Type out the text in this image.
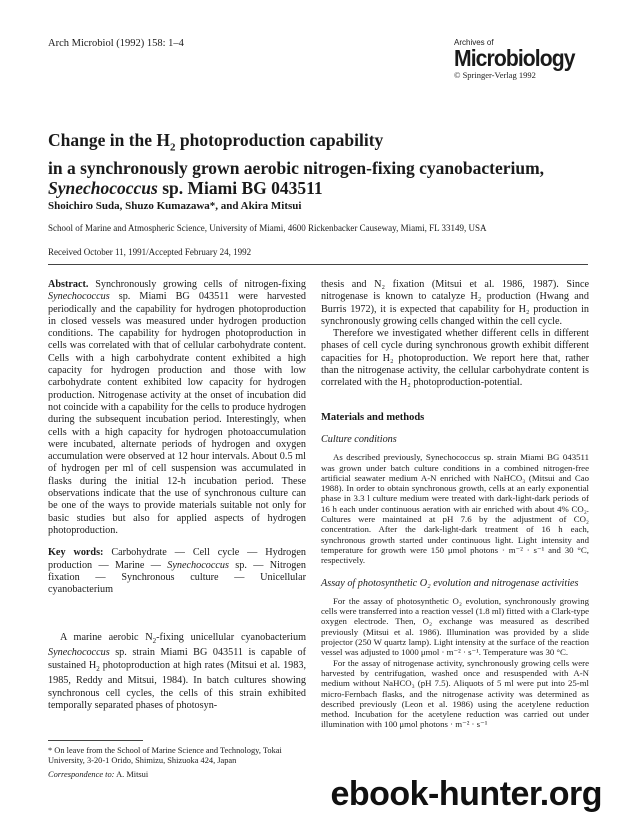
Arch Microbiol (1992) 158: 1–4	Archives of
Microbiology
© Springer-Verlag 1992
Change in the $H_2$ photoproduction capability
in a synchronously grown aerobic nitrogen-fixing cyanobacterium,
Synechococcus sp. Miami BG 043511
Shoichiro Suda, Shuzo Kumazawa*, and Akira Mitsui
School of Marine and Atmospheric Science, University of Miami, 4600 Rickenbacker Causeway, Miami, FL 33149, USA
Received October 11, 1991/Accepted February 24, 1992

Abstract. Synchronously growing cells of nitrogen-fixing Synechococcus sp. Miami BG 043511 were harvested periodically and the capability for hydrogen photoproduction in closed vessels was measured under hydrogen production conditions. The capability for hydrogen photoproduction in cells was correlated with that of cellular carbohydrate content. Cells with a high carbohydrate content exhibited a high capacity for hydrogen production and those with low carbohydrate content exhibited low capacity for hydrogen production. Nitrogenase activity at the onset of incubation did not coincide with a capability for the cells to produce hydrogen during the subsequent incubation period. Interestingly, when cells with a high capacity for hydrogen photoaccumulation were incubated, alternate periods of hydrogen and oxygen accumulation were observed at 12 hour intervals. About 0.5 ml of hydrogen per ml of cell suspension was accumulated in flasks during the initial 12-h incubation period. These observations indicate that the use of synchronous culture can be one of the ways to provide materials suitable not only for basic studies but also for applied aspects of hydrogen photoproduction.

Key words: Carbohydrate — Cell cycle — Hydrogen production — Marine — Synechococcus sp. — Nitrogen fixation — Synchronous culture — Unicellular cyanobacterium

A marine aerobic $N_2$-fixing unicellular cyanobacterium Synechococcus sp. strain Miami BG 043511 is capable of sustained $H_2$ photoproduction at high rates (Mitsui et al. 1983, 1985, Reddy and Mitsui, 1984). In batch cultures showing synchronous cell cycles, the cells of this strain exhibited temporally separated phases of photosyn-

* On leave from the School of Marine Science and Technology, Tokai University, 3-20-1 Orido, Shimizu, Shizuoka 424, Japan

Correspondence to: A. Mitsui

thesis and N₂ fixation (Mitsui et al. 1986, 1987). Since nitrogenase is known to catalyze H₂ production (Hwang and Burris 1972), it is expected that capability for H₂ production in synchronously growing cells changed within the cell cycle.

Therefore we investigated whether different cells in different phases of cell cycle during synchronous growth exhibit different capacities for H₂ photoproduction. We report here that, rather than the nitrogenase activity, the cellular carbohydrate content is correlated with the H₂ photoproduction-potential.

Materials and methods

Culture conditions

As described previously, Synechococcus sp. strain Miami BG 043511 was grown under batch culture conditions in a combined nitrogen-free artificial seawater medium A-N enriched with NaHCO₃ (Mitsui and Cao 1988). In order to obtain synchronous growth, cells at an early exponential phase in 3.3 l culture medium were treated with dark-light-dark periods of 16 h each under continuous aeration with air enriched with about 4% CO₂. Cultures were maintained at pH 7.6 by the adjustment of CO₂ concentration. After the dark-light-dark treatment of 16 h each, synchronous growth started under continuous light. Light intensity and temperature for growth were 150 μmol photons · m⁻² · s⁻¹ and 30 °C, respectively.

Assay of photosynthetic O₂ evolution and nitrogenase activities

For the assay of photosynthetic O₂ evolution, synchronously growing cells were transferred into a reaction vessel (1.8 ml) fitted with a Clark-type oxygen electrode. Then, O₂ exchange was measured as described previously (Mitsui et al. 1986). Illumination was provided by a slide projector (250 W quartz lamp). Light intensity at the surface of the reaction vessel was adjusted to 1000 μmol · m⁻² · s⁻¹. Temperature was 30 °C.

For the assay of nitrogenase activity, synchronously growing cells were harvested by centrifugation, washed once and resuspended with A-N medium without NaHCO₃ (pH 7.5). Aliquots of 5 ml were put into 25-ml micro-Fernbach flasks, and the nitrogenase activity was determined as described previously (Leon et al. 1986) using the acetylene reduction method. Incubation for the acetylene reduction was carried out under illumination with 100 μmol photons · m⁻² · s⁻¹

ebook-hunter.org
